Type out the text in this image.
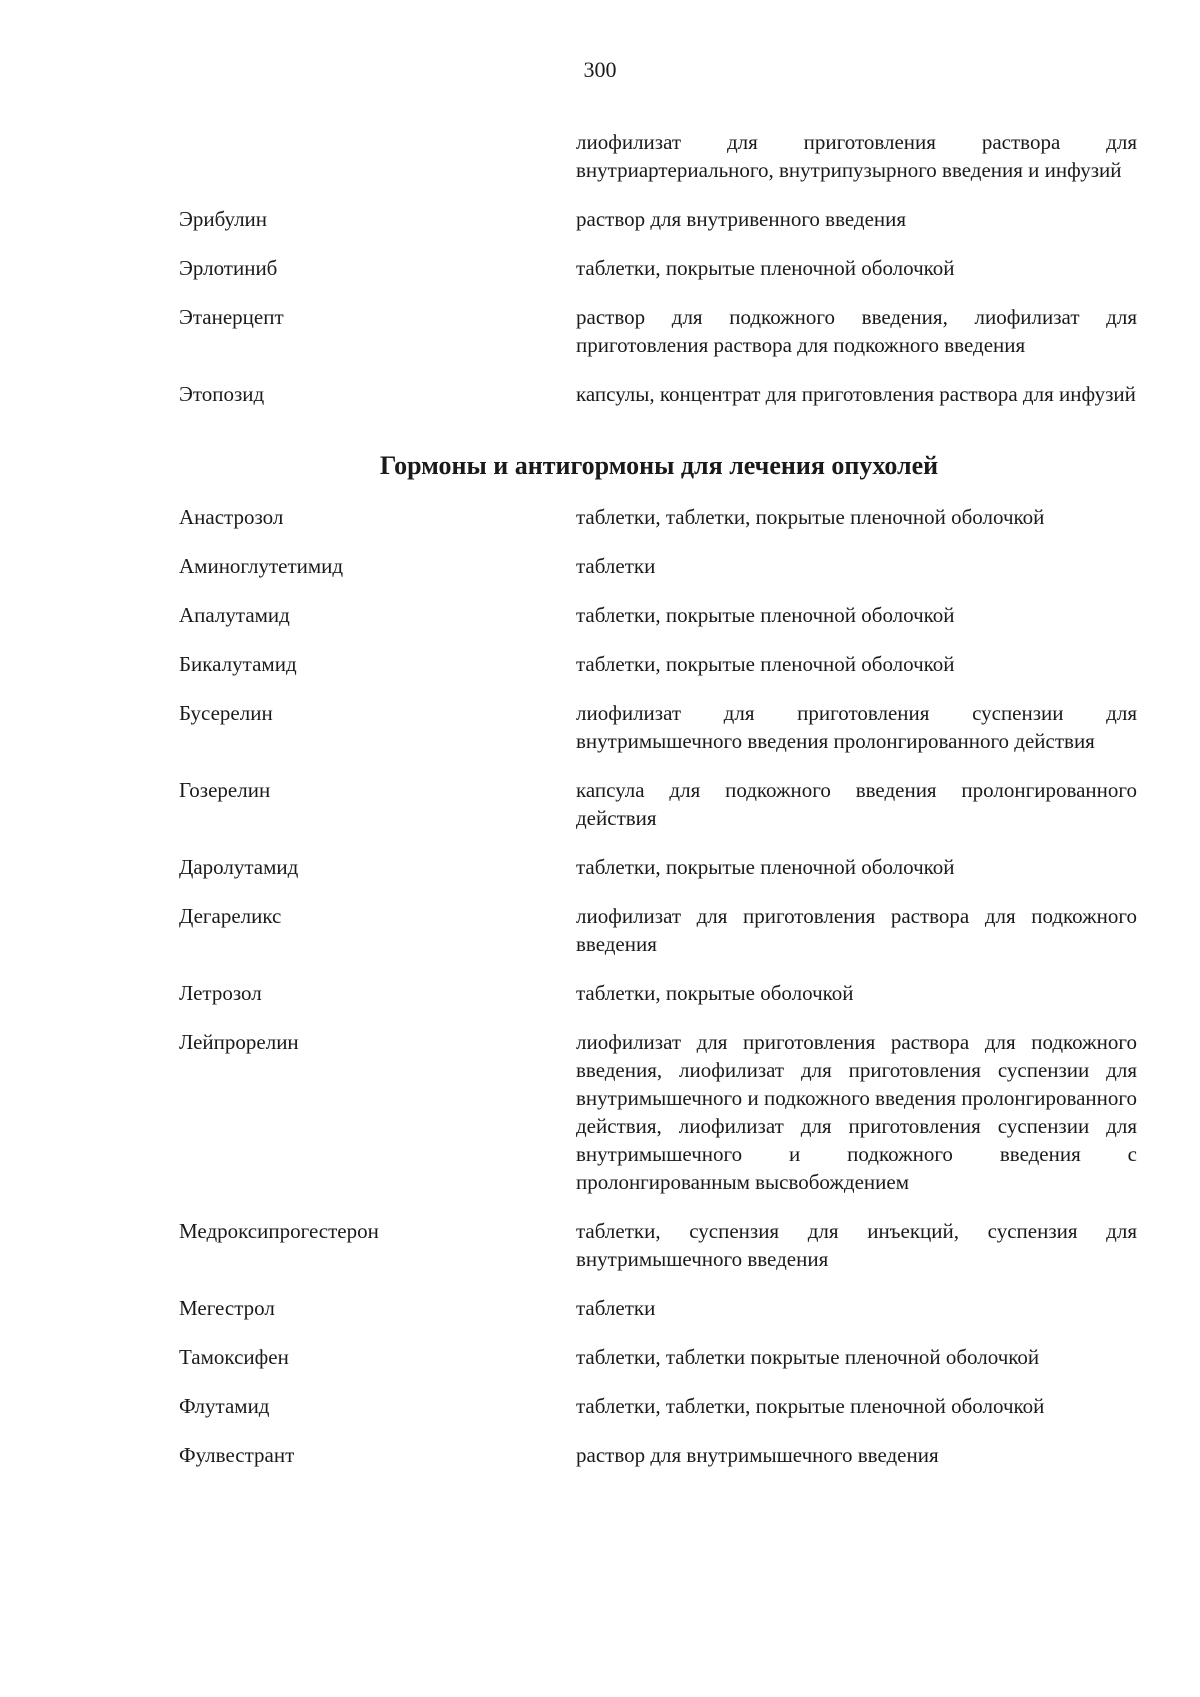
300
лиофилизат для приготовления раствора для внутриартериального, внутрипузырного введения и инфузий
Эрибулин	раствор для внутривенного введения
Эрлотиниб	таблетки, покрытые пленочной оболочкой
Этанерцепт	раствор для подкожного введения, лиофилизат для приготовления раствора для подкожного введения
Этопозид	капсулы, концентрат для приготовления раствора для инфузий
Гормоны и антигормоны для лечения опухолей
Анастрозол	таблетки, таблетки, покрытые пленочной оболочкой
Аминоглутетимид	таблетки
Апалутамид	таблетки, покрытые пленочной оболочкой
Бикалутамид	таблетки, покрытые пленочной оболочкой
Бусерелин	лиофилизат для приготовления суспензии для внутримышечного введения пролонгированного действия
Гозерелин	капсула для подкожного введения пролонгированного действия
Даролутамид	таблетки, покрытые пленочной оболочкой
Дегареликс	лиофилизат для приготовления раствора для подкожного введения
Летрозол	таблетки, покрытые оболочкой
Лейпрорелин	лиофилизат для приготовления раствора для подкожного введения, лиофилизат для приготовления суспензии для внутримышечного и подкожного введения пролонгированного действия, лиофилизат для приготовления суспензии для внутримышечного и подкожного введения с пролонгированным высвобождением
Медроксипрогестерон	таблетки, суспензия для инъекций, суспензия для внутримышечного введения
Мегестрол	таблетки
Тамоксифен	таблетки, таблетки покрытые пленочной оболочкой
Флутамид	таблетки, таблетки, покрытые пленочной оболочкой
Фулвестрант	раствор для внутримышечного введения
